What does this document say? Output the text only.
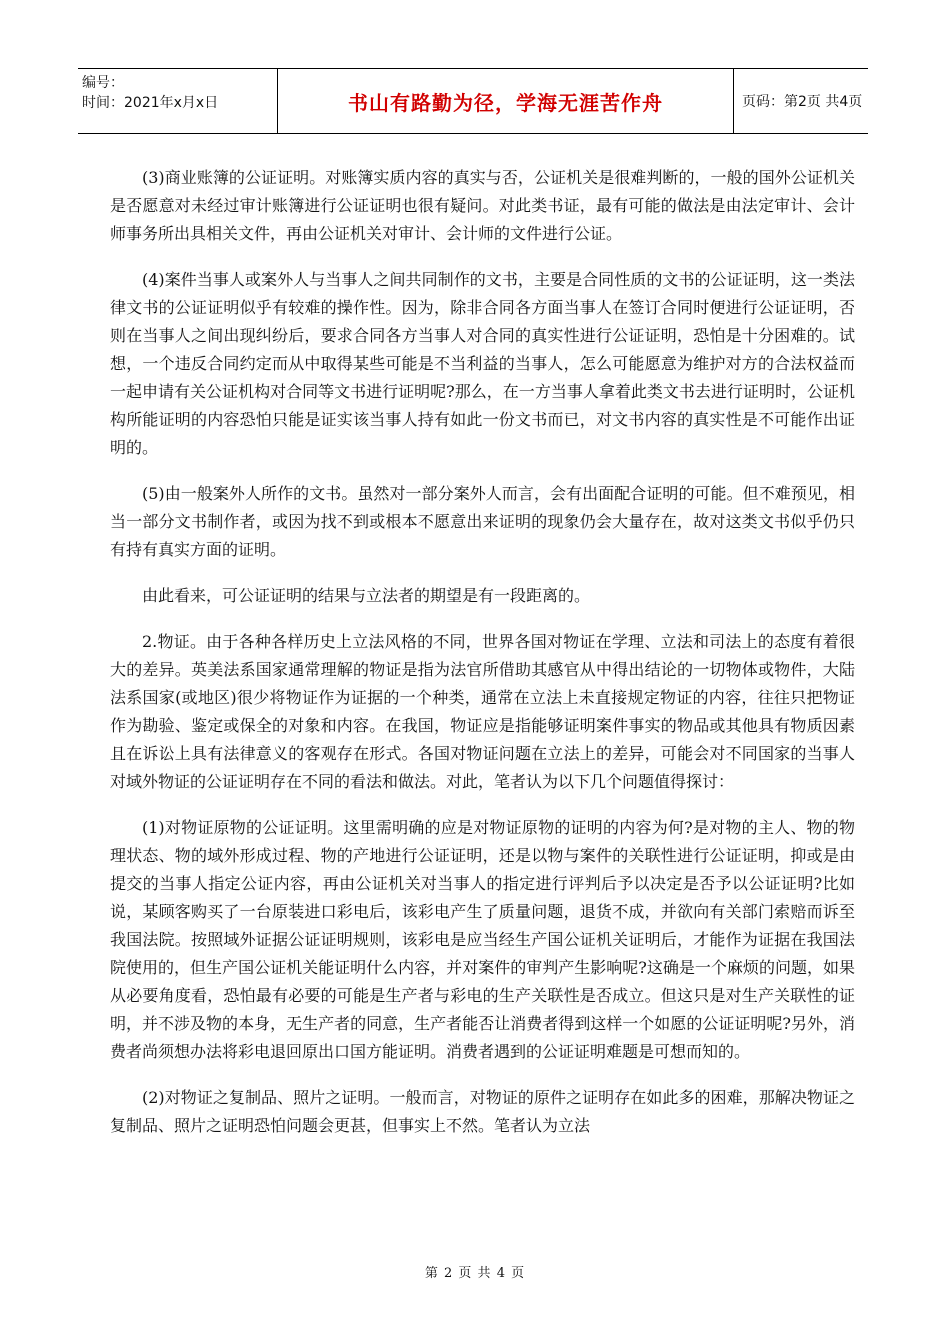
编号：
时间：2021年x月x日	书山有路勤为径，学海无涯苦作舟	页码：第2页 共4页

(3)商业账簿的公证证明。对账簿实质内容的真实与否，公证机关是很难判断的，一般的国外公证机关是否愿意对未经过审计账簿进行公证证明也很有疑问。对此类书证，最有可能的做法是由法定审计、会计师事务所出具相关文件，再由公证机关对审计、会计师的文件进行公证。

(4)案件当事人或案外人与当事人之间共同制作的文书，主要是合同性质的文书的公证证明，这一类法律文书的公证证明似乎有较难的操作性。因为，除非合同各方面当事人在签订合同时便进行公证证明，否则在当事人之间出现纠纷后，要求合同各方当事人对合同的真实性进行公证证明，恐怕是十分困难的。试想，一个违反合同约定而从中取得某些可能是不当利益的当事人，怎么可能愿意为维护对方的合法权益而一起申请有关公证机构对合同等文书进行证明呢?那么，在一方当事人拿着此类文书去进行证明时，公证机构所能证明的内容恐怕只能是证实该当事人持有如此一份文书而已，对文书内容的真实性是不可能作出证明的。

(5)由一般案外人所作的文书。虽然对一部分案外人而言，会有出面配合证明的可能。但不难预见，相当一部分文书制作者，或因为找不到或根本不愿意出来证明的现象仍会大量存在，故对这类文书似乎仍只有持有真实方面的证明。

由此看来，可公证证明的结果与立法者的期望是有一段距离的。

2.物证。由于各种各样历史上立法风格的不同，世界各国对物证在学理、立法和司法上的态度有着很大的差异。英美法系国家通常理解的物证是指为法官所借助其感官从中得出结论的一切物体或物件，大陆法系国家(或地区)很少将物证作为证据的一个种类，通常在立法上未直接规定物证的内容，往往只把物证作为勘验、鉴定或保全的对象和内容。在我国，物证应是指能够证明案件事实的物品或其他具有物质因素且在诉讼上具有法律意义的客观存在形式。各国对物证问题在立法上的差异，可能会对不同国家的当事人对域外物证的公证证明存在不同的看法和做法。对此，笔者认为以下几个问题值得探讨：

(1)对物证原物的公证证明。这里需明确的应是对物证原物的证明的内容为何?是对物的主人、物的物理状态、物的域外形成过程、物的产地进行公证证明，还是以物与案件的关联性进行公证证明，抑或是由提交的当事人指定公证内容，再由公证机关对当事人的指定进行评判后予以决定是否予以公证证明?比如说，某顾客购买了一台原装进口彩电后，该彩电产生了质量问题，退货不成，并欲向有关部门索赔而诉至我国法院。按照域外证据公证证明规则，该彩电是应当经生产国公证机关证明后，才能作为证据在我国法院使用的，但生产国公证机关能证明什么内容，并对案件的审判产生影响呢?这确是一个麻烦的问题，如果从必要角度看，恐怕最有必要的可能是生产者与彩电的生产关联性是否成立。但这只是对生产关联性的证明，并不涉及物的本身，无生产者的同意，生产者能否让消费者得到这样一个如愿的公证证明呢?另外，消费者尚须想办法将彩电退回原出口国方能证明。消费者遇到的公证证明难题是可想而知的。

(2)对物证之复制品、照片之证明。一般而言，对物证的原件之证明存在如此多的困难，那解决物证之复制品、照片之证明恐怕问题会更甚，但事实上不然。笔者认为立法

第 2 页 共 4 页
